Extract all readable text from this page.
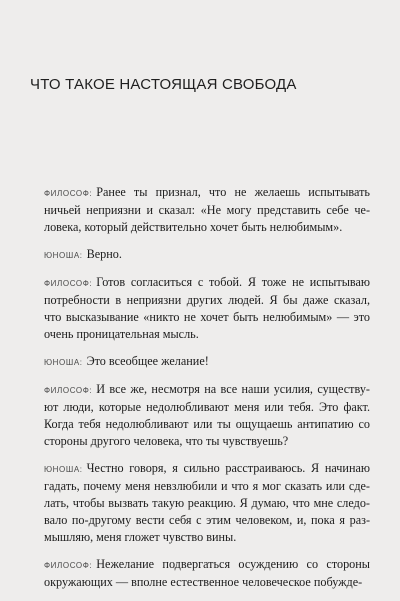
ЧТО ТАКОЕ НАСТОЯЩАЯ СВОБОДА
ФИЛОСОФ: Ранее ты признал, что не желаешь испытывать
ничьей неприязни и сказал: «Не могу представить себе че-
ловека, который действительно хочет быть нелюбимым».
ЮНОША: Верно.
ФИЛОСОФ: Готов согласиться с тобой. Я тоже не испытываю
потребности в неприязни других людей. Я бы даже сказал,
что высказывание «никто не хочет быть нелюбимым» — это
очень проницательная мысль.
ЮНОША: Это всеобщее желание!
ФИЛОСОФ: И все же, несмотря на все наши усилия, существу-
ют люди, которые недолюбливают меня или тебя. Это факт.
Когда тебя недолюбливают или ты ощущаешь антипатию со
стороны другого человека, что ты чувствуешь?
ЮНОША: Честно говоря, я сильно расстраиваюсь. Я начинаю
гадать, почему меня невзлюбили и что я мог сказать или сде-
лать, чтобы вызвать такую реакцию. Я думаю, что мне следо-
вало по-другому вести себя с этим человеком, и, пока я раз-
мышляю, меня гложет чувство вины.
ФИЛОСОФ: Нежелание подвергаться осуждению со стороны
окружающих — вполне естественное человеческое побужде-
